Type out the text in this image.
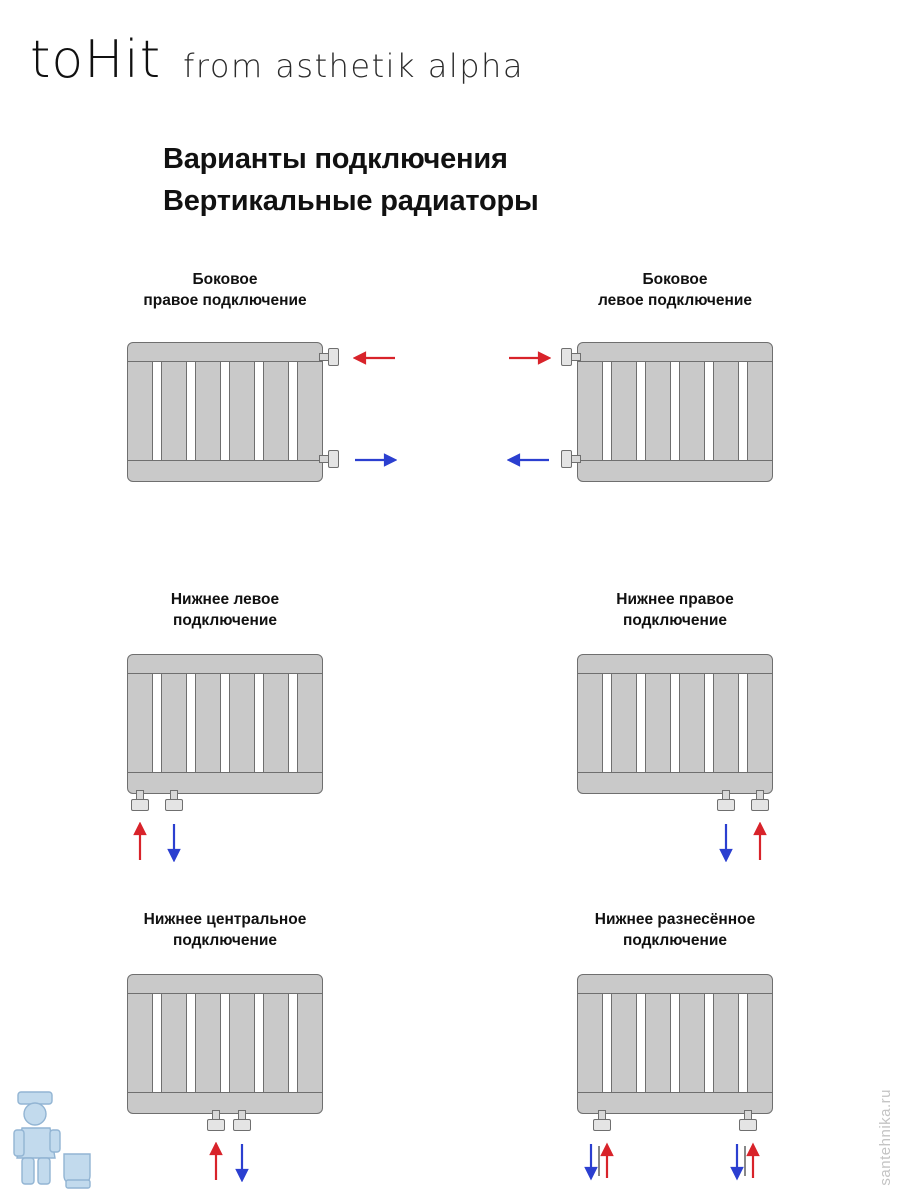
toHit from asthetik alpha
Варианты подключения
Вертикальные радиаторы
Боковое
правое подключение
Боковое
левое подключение
Нижнее левое
подключение
Нижнее правое
подключение
Нижнее центральное
подключение
Нижнее разнесённое
подключение
santehnika.ru
